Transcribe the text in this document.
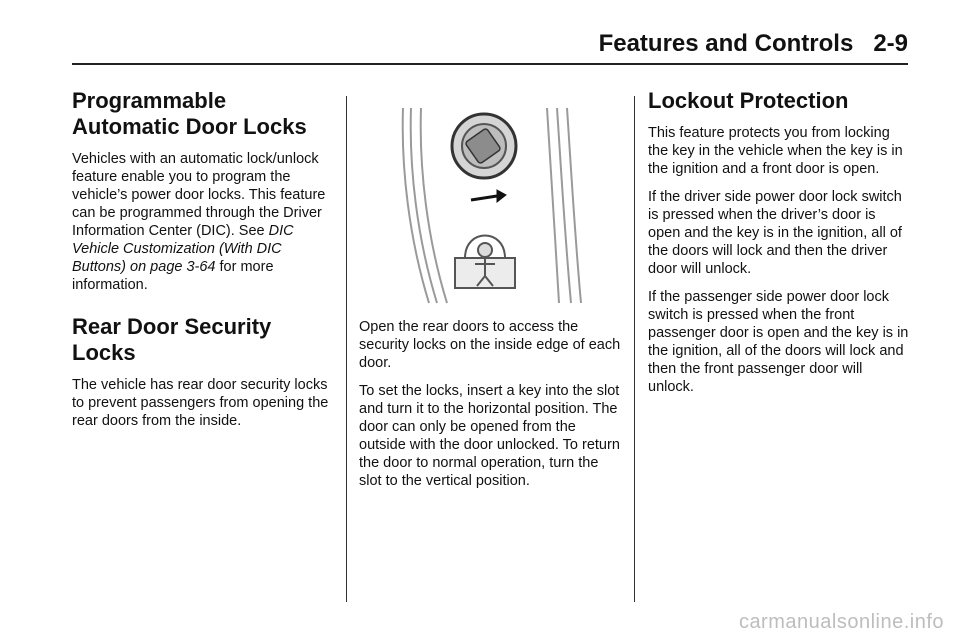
Features and Controls 2-9
Programmable Automatic Door Locks

Vehicles with an automatic lock/unlock feature enable you to program the vehicle’s power door locks. This feature can be programmed through the Driver Information Center (DIC). See DIC Vehicle Customization (With DIC Buttons) on page 3-64 for more information.

Rear Door Security Locks

The vehicle has rear door security locks to prevent passengers from opening the rear doors from the inside.

Open the rear doors to access the security locks on the inside edge of each door.

To set the locks, insert a key into the slot and turn it to the horizontal position. The door can only be opened from the outside with the door unlocked. To return the door to normal operation, turn the slot to the vertical position.

Lockout Protection

This feature protects you from locking the key in the vehicle when the key is in the ignition and a front door is open.

If the driver side power door lock switch is pressed when the driver’s door is open and the key is in the ignition, all of the doors will lock and then the driver door will unlock.

If the passenger side power door lock switch is pressed when the front passenger door is open and the key is in the ignition, all of the doors will lock and then the front passenger door will unlock.

carmanualsonline.info
